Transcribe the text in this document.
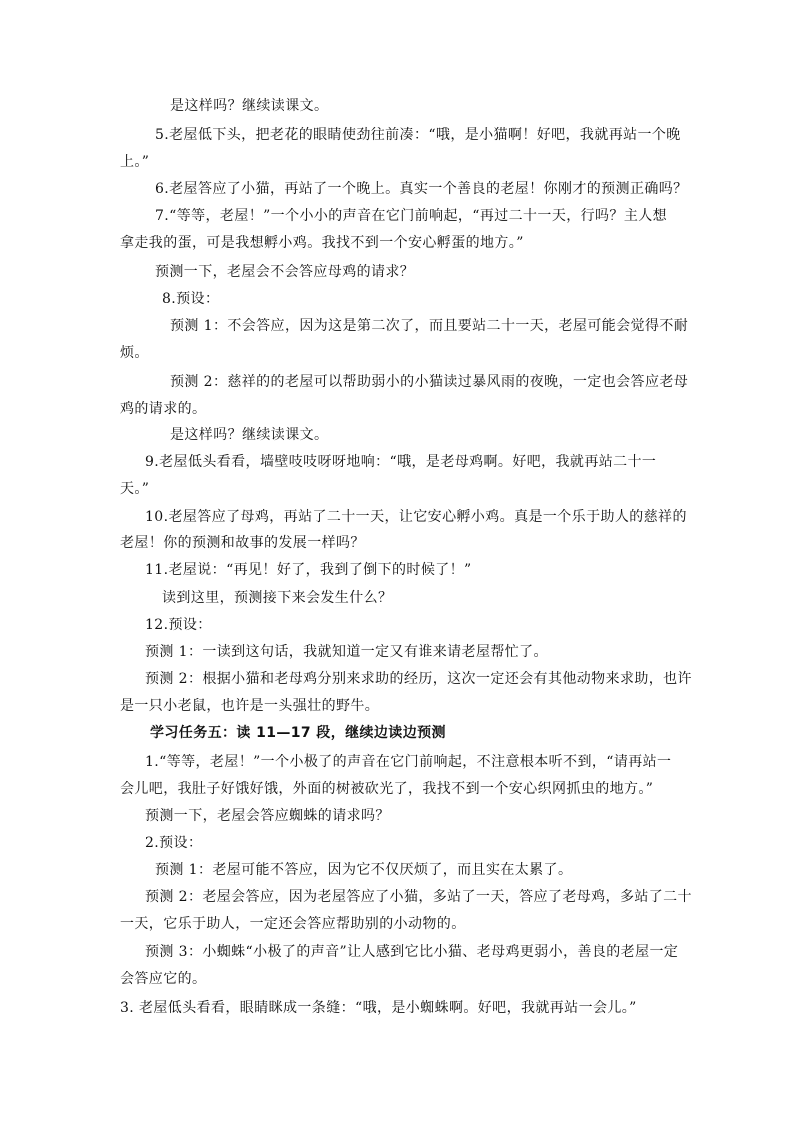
是这样吗？继续读课文。
5.老屋低下头，把老花的眼睛使劲往前凑：“哦，是小猫啊！好吧，我就再站一个晚
上。”
6.老屋答应了小猫，再站了一个晚上。真实一个善良的老屋！你刚才的预测正确吗？
7.“等等，老屋！”一个小小的声音在它门前响起，“再过二十一天，行吗？主人想
拿走我的蛋，可是我想孵小鸡。我找不到一个安心孵蛋的地方。”
预测一下，老屋会不会答应母鸡的请求？
8.预设：
预测 1：不会答应，因为这是第二次了，而且要站二十一天，老屋可能会觉得不耐
烦。
预测 2：慈祥的的老屋可以帮助弱小的小猫读过暴风雨的夜晚，一定也会答应老母
鸡的请求的。
是这样吗？继续读课文。
9.老屋低头看看，墙壁吱吱呀呀地响：“哦，是老母鸡啊。好吧，我就再站二十一
天。”
10.老屋答应了母鸡，再站了二十一天，让它安心孵小鸡。真是一个乐于助人的慈祥的
老屋！你的预测和故事的发展一样吗？
11.老屋说：“再见！好了，我到了倒下的时候了！”
读到这里，预测接下来会发生什么？
12.预设：
预测 1：一读到这句话，我就知道一定又有谁来请老屋帮忙了。
预测 2：根据小猫和老母鸡分别来求助的经历，这次一定还会有其他动物来求助，也许
是一只小老鼠，也许是一头强壮的野牛。
学习任务五：读 11—17 段，继续边读边预测
1.“等等，老屋！”一个小极了的声音在它门前响起，不注意根本听不到，“请再站一
会儿吧，我肚子好饿好饿，外面的树被砍光了，我找不到一个安心织网抓虫的地方。”
预测一下，老屋会答应蜘蛛的请求吗？
2.预设：
预测 1：老屋可能不答应，因为它不仅厌烦了，而且实在太累了。
预测 2：老屋会答应，因为老屋答应了小猫，多站了一天，答应了老母鸡，多站了二十
一天，它乐于助人，一定还会答应帮助别的小动物的。
预测 3：小蜘蛛“小极了的声音”让人感到它比小猫、老母鸡更弱小，善良的老屋一定
会答应它的。
3. 老屋低头看看，眼睛眯成一条缝：“哦，是小蜘蛛啊。好吧，我就再站一会儿。”
